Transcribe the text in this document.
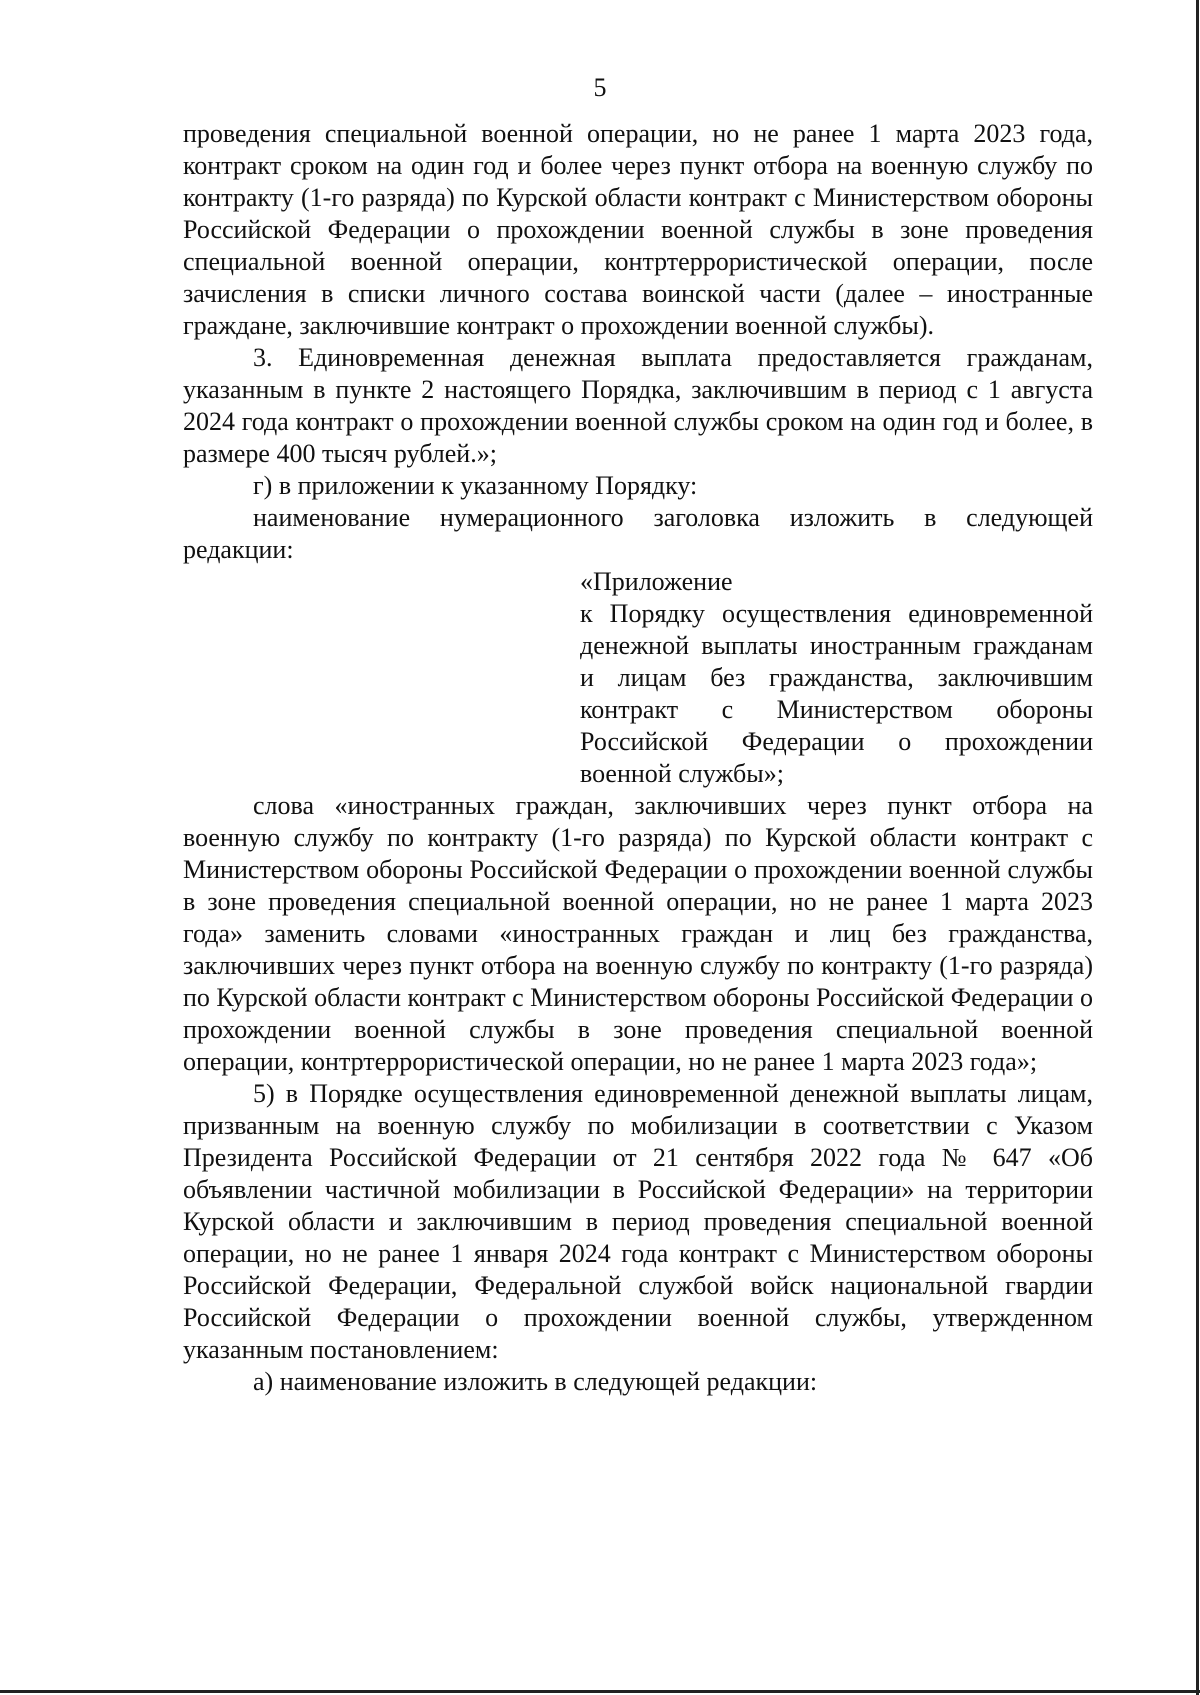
5

проведения специальной военной операции, но не ранее 1 марта 2023 года, контракт сроком на один год и более через пункт отбора на военную службу по контракту (1-го разряда) по Курской области контракт с Министерством обороны Российской Федерации о прохождении военной службы в зоне проведения специальной военной операции, контртеррористической операции, после зачисления в списки личного состава воинской части (далее – иностранные граждане, заключившие контракт о прохождении военной службы).

3. Единовременная денежная выплата предоставляется гражданам, указанным в пункте 2 настоящего Порядка, заключившим в период с 1 августа 2024 года контракт о прохождении военной службы сроком на один год и более, в размере 400 тысяч рублей.»;

г) в приложении к указанному Порядку:

наименование нумерационного заголовка изложить в следующей редакции:

«Приложение

к Порядку осуществления единовременной денежной выплаты иностранным гражданам и лицам без гражданства, заключившим контракт с Министерством обороны Российской Федерации о прохождении военной службы»;

слова «иностранных граждан, заключивших через пункт отбора на военную службу по контракту (1-го разряда) по Курской области контракт с Министерством обороны Российской Федерации о прохождении военной службы в зоне проведения специальной военной операции, но не ранее 1 марта 2023 года» заменить словами «иностранных граждан и лиц без гражданства, заключивших через пункт отбора на военную службу по контракту (1-го разряда) по Курской области контракт с Министерством обороны Российской Федерации о прохождении военной службы в зоне проведения специальной военной операции, контртеррористической операции, но не ранее 1 марта 2023 года»;

5) в Порядке осуществления единовременной денежной выплаты лицам, призванным на военную службу по мобилизации в соответствии с Указом Президента Российской Федерации от 21 сентября 2022 года № 647 «Об объявлении частичной мобилизации в Российской Федерации» на территории Курской области и заключившим в период проведения специальной военной операции, но не ранее 1 января 2024 года контракт с Министерством обороны Российской Федерации, Федеральной службой войск национальной гвардии Российской Федерации о прохождении военной службы, утвержденном указанным постановлением:

а) наименование изложить в следующей редакции:
